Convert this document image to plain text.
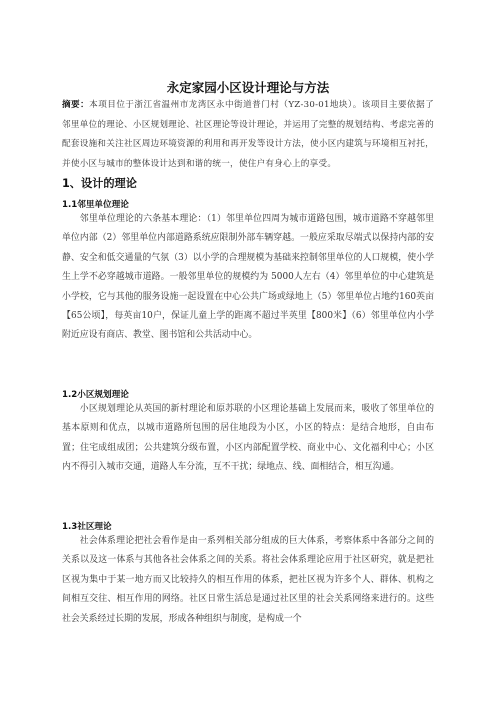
永定家园小区设计理论与方法
摘要：本项目位于浙江省温州市龙湾区永中街道普门村（YZ-30-01地块）。该项目主要依据了邻里单位的理论、小区规划理论、社区理论等设计理论，并运用了完整的规划结构、考虑完善的配套设施和关注社区周边环境资源的利用和再开发等设计方法，使小区内建筑与环境相互衬托，并使小区与城市的整体设计达到和谐的统一，使住户有身心上的享受。
1、设计的理论
1.1邻里单位理论
邻里单位理论的六条基本理论：（1）邻里单位四周为城市道路包围，城市道路不穿越邻里单位内部（2）邻里单位内部道路系统应限制外部车辆穿越。一般应采取尽端式以保持内部的安静、安全和低交通量的气氛（3）以小学的合理规模为基础来控制邻里单位的人口规模，使小学生上学不必穿越城市道路。一般邻里单位的规模约为 5000人左右（4）邻里单位的中心建筑是小学校，它与其他的服务设施一起设置在中心公共广场或绿地上（5）邻里单位占地约160英亩【65公顷】，每英亩10户，保证儿童上学的距离不超过半英里【800米】（6）邻里单位内小学附近应设有商店、教堂、图书馆和公共活动中心。
1.2小区规划理论
小区规划理论从英国的新村理论和原苏联的小区理论基础上发展而来，吸收了邻里单位的基本原则和优点，以城市道路所包围的居住地段为小区，小区的特点：是结合地形，自由布置；住宅成组成团；公共建筑分级布置，小区内部配置学校、商业中心、文化福利中心；小区内不得引入城市交通，道路人车分流，互不干扰；绿地点、线、面相结合，相互沟通。
1.3社区理论
社会体系理论把社会看作是由一系列相关部分组成的巨大体系，考察体系中各部分之间的关系以及这一体系与其他各社会体系之间的关系。将社会体系理论应用于社区研究，就是把社区视为集中于某一地方而又比较持久的相互作用的体系，把社区视为许多个人、群体、机构之间相互交往、相互作用的网络。社区日常生活总是通过社区里的社会关系网络来进行的。这些社会关系经过长期的发展，形成各种组织与制度，是构成一个
